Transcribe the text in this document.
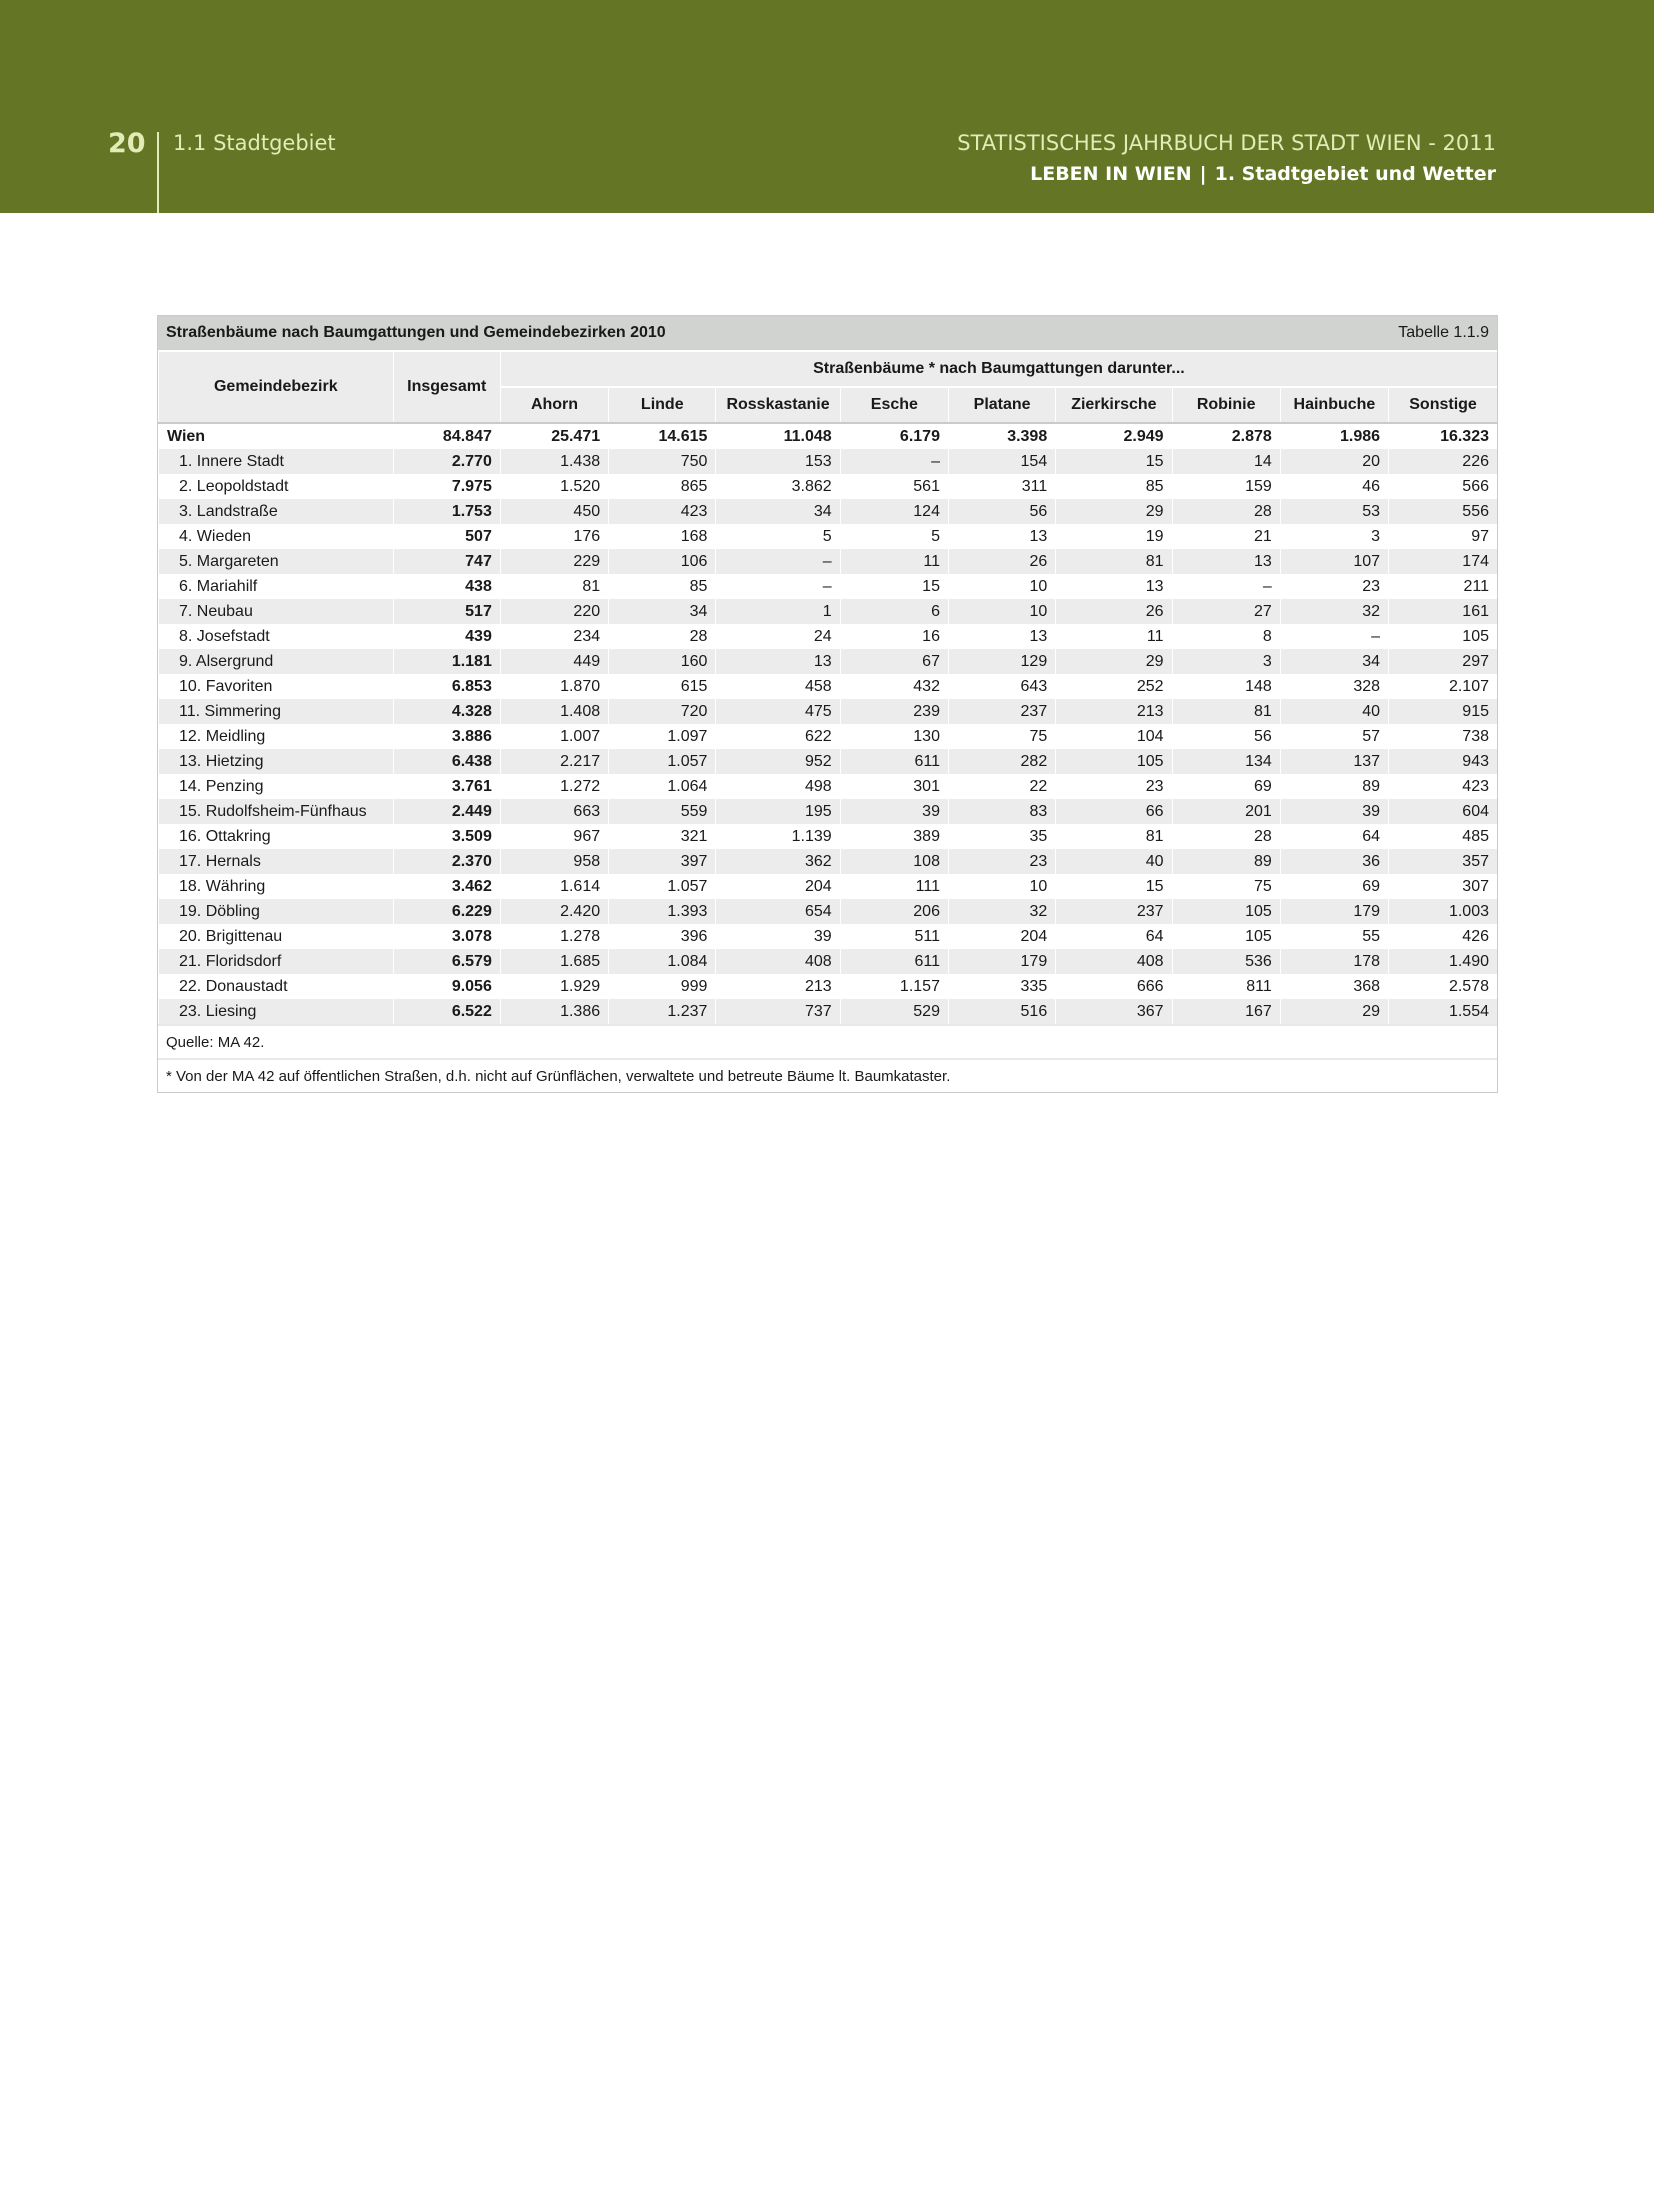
20 1.1 Stadtgebiet	STATISTISCHES JAHRBUCH DER STADT WIEN - 2011
LEBEN IN WIEN | 1. Stadtgebiet und Wetter
Straßenbäume nach Baumgattungen und Gemeindebezirken 2010	Tabelle 1.1.9
Gemeindebezirk	Insgesamt	Straßenbäume * nach Baumgattungen darunter...								
		Ahorn	Linde	Rosskastanie	Esche	Platane	Zierkirsche	Robinie	Hainbuche	Sonstige
Wien	84.847	25.471	14.615	11.048	6.179	3.398	2.949	2.878	1.986	16.323
1. Innere Stadt	2.770	1.438	750	153	–	154	15	14	20	226
2. Leopoldstadt	7.975	1.520	865	3.862	561	311	85	159	46	566
3. Landstraße	1.753	450	423	34	124	56	29	28	53	556
4. Wieden	507	176	168	5	5	13	19	21	3	97
5. Margareten	747	229	106	–	11	26	81	13	107	174
6. Mariahilf	438	81	85	–	15	10	13	–	23	211
7. Neubau	517	220	34	1	6	10	26	27	32	161
8. Josefstadt	439	234	28	24	16	13	11	8	–	105
9. Alsergrund	1.181	449	160	13	67	129	29	3	34	297
10. Favoriten	6.853	1.870	615	458	432	643	252	148	328	2.107
11. Simmering	4.328	1.408	720	475	239	237	213	81	40	915
12. Meidling	3.886	1.007	1.097	622	130	75	104	56	57	738
13. Hietzing	6.438	2.217	1.057	952	611	282	105	134	137	943
14. Penzing	3.761	1.272	1.064	498	301	22	23	69	89	423
15. Rudolfsheim-Fünfhaus	2.449	663	559	195	39	83	66	201	39	604
16. Ottakring	3.509	967	321	1.139	389	35	81	28	64	485
17. Hernals	2.370	958	397	362	108	23	40	89	36	357
18. Währing	3.462	1.614	1.057	204	111	10	15	75	69	307
19. Döbling	6.229	2.420	1.393	654	206	32	237	105	179	1.003
20. Brigittenau	3.078	1.278	396	39	511	204	64	105	55	426
21. Floridsdorf	6.579	1.685	1.084	408	611	179	408	536	178	1.490
22. Donaustadt	9.056	1.929	999	213	1.157	335	666	811	368	2.578
23. Liesing	6.522	1.386	1.237	737	529	516	367	167	29	1.554
Quelle: MA 42.
* Von der MA 42 auf öffentlichen Straßen, d.h. nicht auf Grünflächen, verwaltete und betreute Bäume lt. Baumkataster.
